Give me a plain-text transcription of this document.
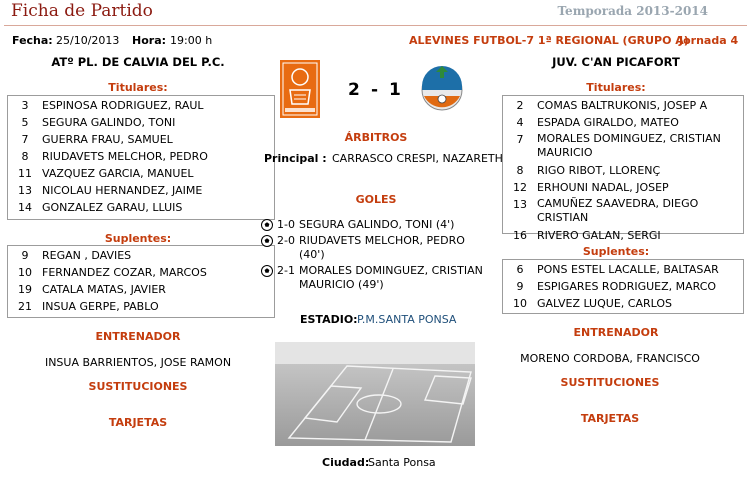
Ficha de Partido	Temporada 2013-2014
Fecha: 25/10/2013 Hora: 19:00 h	ALEVINES FUTBOL-7 1ª REGIONAL (GRUPO A)
Jornada 4
ATº PL. DE CALVIA DEL P.C.
Titulares:
3	ESPINOSA RODRIGUEZ, RAUL
5	SEGURA GALINDO, TONI
7	GUERRA FRAU, SAMUEL
8	RIUDAVETS MELCHOR, PEDRO
11 VAZQUEZ GARCIA, MANUEL
13 NICOLAU HERNANDEZ, JAIME
14 GONZALEZ GARAU, LLUIS
Suplentes:
9	REGAN , DAVIES
10 FERNANDEZ COZAR, MARCOS
19 CATALA MATAS, JAVIER
21 INSUA GERPE, PABLO
ENTRENADOR
INSUA BARRIENTOS, JOSE RAMON
SUSTITUCIONES
TARJETAS
2 - 1
ÁRBITROS
Principal : CARRASCO CRESPI, NAZARETH
GOLES
1-0 SEGURA GALINDO, TONI (4')
2-0 RIUDAVETS MELCHOR, PEDRO (40')
2-1 MORALES DOMINGUEZ, CRISTIAN MAURICIO (49')
ESTADIO: P.M.SANTA PONSA
Ciudad:
Santa Ponsa
JUV. C'AN PICAFORT
Titulares:
2	COMAS BALTRUKONIS, JOSEP A
4	ESPADA GIRALDO, MATEO
7	MORALES DOMINGUEZ, CRISTIAN MAURICIO
8	RIGO RIBOT, LLORENÇ
12 ERHOUNI NADAL, JOSEP
13 CAMUÑEZ SAAVEDRA, DIEGO CRISTIAN
16 RIVERO GALAN, SERGI
Suplentes:
6	PONS ESTEL LACALLE, BALTASAR
9	ESPIGARES RODRIGUEZ, MARCO
10 GALVEZ LUQUE, CARLOS
ENTRENADOR
MORENO CORDOBA, FRANCISCO
SUSTITUCIONES
TARJETAS
